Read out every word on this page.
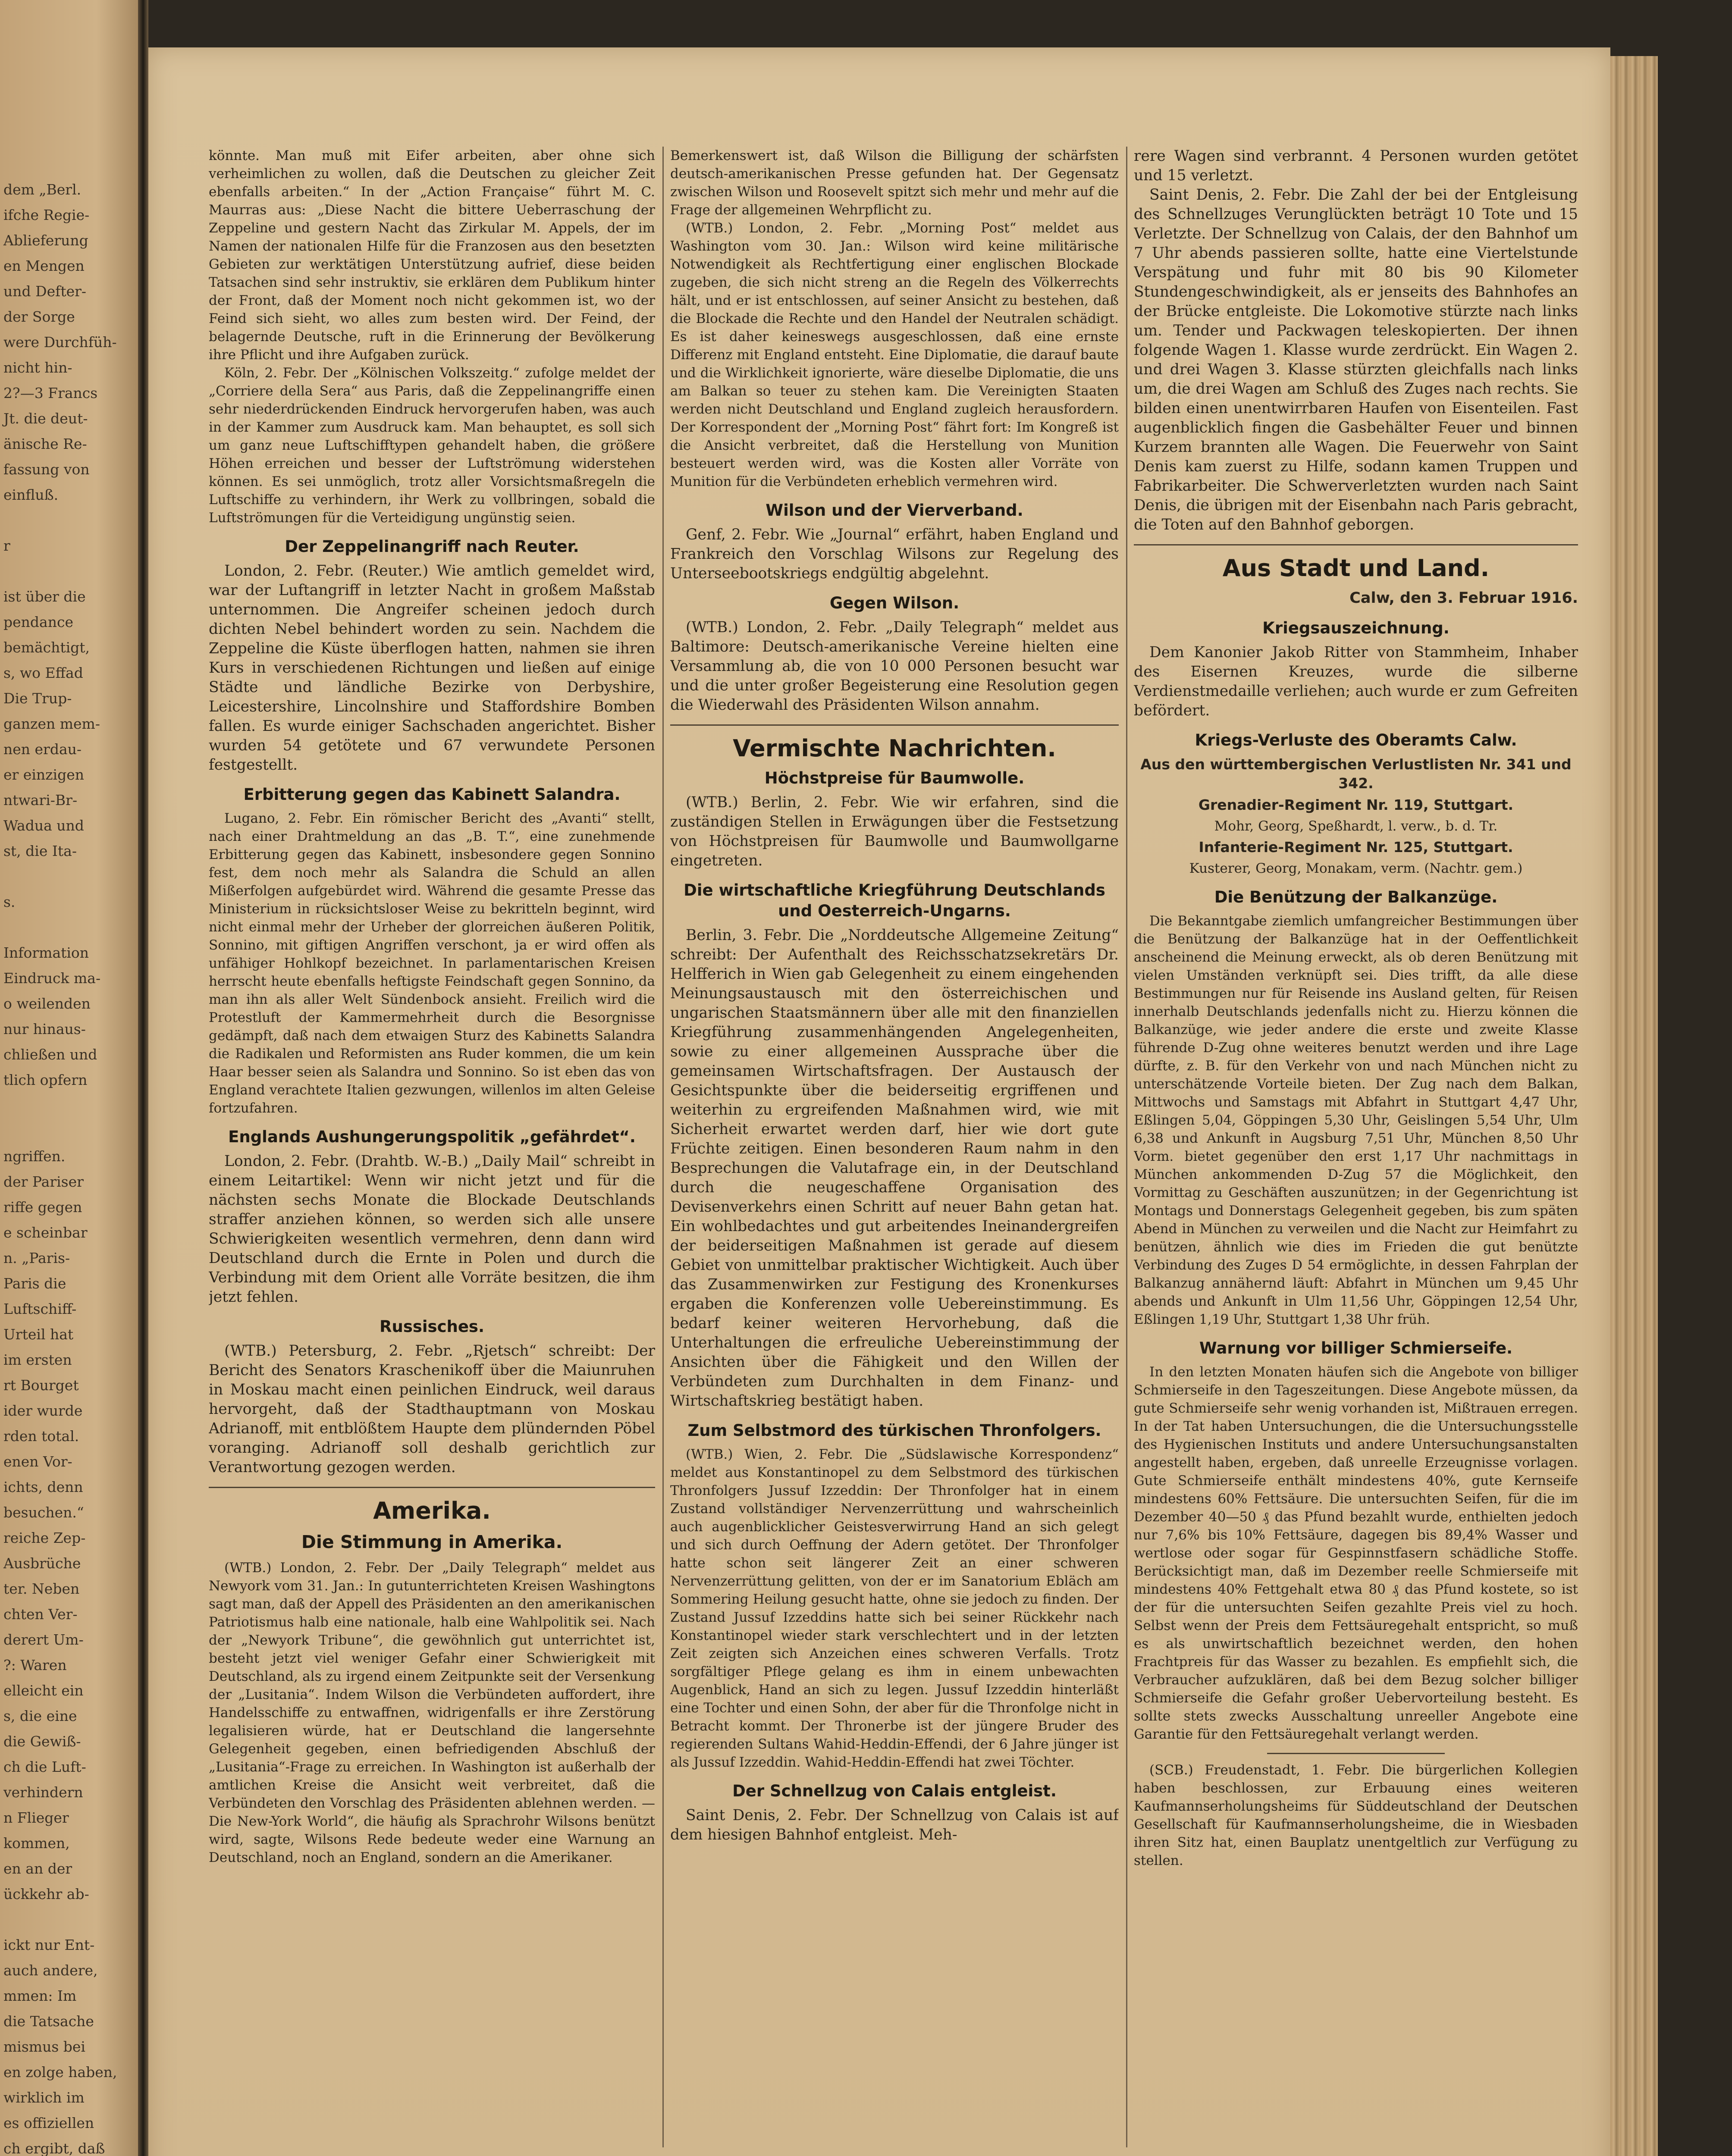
dem „Berl.

ifche Regie-

Ablieferung

en Mengen

und Defter-

der Sorge

were Durchfüh-

nicht hin-

2?—3 Francs

Jt. die deut-

änische Re-

fassung von

einfluß.

r

ist über die

pendance

bemächtigt,

s, wo Effad

Die Trup-

ganzen mem-

nen erdau-

er einzigen

ntwari-Br-

Wadua und

st, die Ita-

s.

Information

Eindruck ma-

o weilenden

nur hinaus-

chließen und

tlich opfern

ngriffen.

der Pariser

riffe gegen

e scheinbar

n. „Paris-

Paris die

Luftschiff-

Urteil hat

im ersten

rt Bourget

ider wurde

rden total.

enen Vor-

ichts, denn

besuchen.“

reiche Zep-

Ausbrüche

ter. Neben

chten Ver-

derert Um-

?: Waren

elleicht ein

s, die eine

die Gewiß-

ch die Luft-

verhindern

n Flieger

kommen,

en an der

ückkehr ab-

ickt nur Ent-

auch andere,

mmen: Im

die Tatsache

mismus bei

en zolge haben,

wirklich im

es offiziellen

ch ergibt, daß

könnte. Man muß mit Eifer arbeiten, aber ohne sich verheimlichen zu wollen, daß die Deutschen zu gleicher Zeit ebenfalls arbeiten.“ In der „Action Française“ führt M. C. Maurras aus: „Diese Nacht die bittere Ueberraschung der Zeppeline und gestern Nacht das Zirkular M. Appels, der im Namen der nationalen Hilfe für die Franzosen aus den besetzten Gebieten zur werktätigen Unterstützung aufrief, diese beiden Tatsachen sind sehr instruktiv, sie erklären dem Publikum hinter der Front, daß der Moment noch nicht gekommen ist, wo der Feind sich sieht, wo alles zum besten wird. Der Feind, der belagernde Deutsche, ruft in die Erinnerung der Bevölkerung ihre Pflicht und ihre Aufgaben zurück.

Köln, 2. Febr. Der „Kölnischen Volkszeitg.“ zufolge meldet der „Corriere della Sera“ aus Paris, daß die Zeppelinangriffe einen sehr niederdrückenden Eindruck hervorgerufen haben, was auch in der Kammer zum Ausdruck kam. Man behauptet, es soll sich um ganz neue Luftschifftypen gehandelt haben, die größere Höhen erreichen und besser der Luftströmung widerstehen können. Es sei unmöglich, trotz aller Vorsichtsmaßregeln die Luftschiffe zu verhindern, ihr Werk zu vollbringen, sobald die Luftströmungen für die Verteidigung ungünstig seien.

Der Zeppelinangriff nach Reuter.

London, 2. Febr. (Reuter.) Wie amtlich gemeldet wird, war der Luftangriff in letzter Nacht in großem Maßstab unternommen. Die Angreifer scheinen jedoch durch dichten Nebel behindert worden zu sein. Nachdem die Zeppeline die Küste überflogen hatten, nahmen sie ihren Kurs in verschiedenen Richtungen und ließen auf einige Städte und ländliche Bezirke von Derbyshire, Leicestershire, Lincolnshire und Staffordshire Bomben fallen. Es wurde einiger Sachschaden angerichtet. Bisher wurden 54 getötete und 67 verwundete Personen festgestellt.

Erbitterung gegen das Kabinett Salandra.

Lugano, 2. Febr. Ein römischer Bericht des „Avanti“ stellt, nach einer Drahtmeldung an das „B. T.“, eine zunehmende Erbitterung gegen das Kabinett, insbesondere gegen Sonnino fest, dem noch mehr als Salandra die Schuld an allen Mißerfolgen aufgebürdet wird. Während die gesamte Presse das Ministerium in rücksichtsloser Weise zu bekritteln beginnt, wird nicht einmal mehr der Urheber der glorreichen äußeren Politik, Sonnino, mit giftigen Angriffen verschont, ja er wird offen als unfähiger Hohlkopf bezeichnet. In parlamentarischen Kreisen herrscht heute ebenfalls heftigste Feindschaft gegen Sonnino, da man ihn als aller Welt Sündenbock ansieht. Freilich wird die Protestluft der Kammermehrheit durch die Besorgnisse gedämpft, daß nach dem etwaigen Sturz des Kabinetts Salandra die Radikalen und Reformisten ans Ruder kommen, die um kein Haar besser seien als Salandra und Sonnino. So ist eben das von England verachtete Italien gezwungen, willenlos im alten Geleise fortzufahren.

Englands Aushungerungspolitik „gefährdet“.

London, 2. Febr. (Drahtb. W.-B.) „Daily Mail“ schreibt in einem Leitartikel: Wenn wir nicht jetzt und für die nächsten sechs Monate die Blockade Deutschlands straffer anziehen können, so werden sich alle unsere Schwierigkeiten wesentlich vermehren, denn dann wird Deutschland durch die Ernte in Polen und durch die Verbindung mit dem Orient alle Vorräte besitzen, die ihm jetzt fehlen.

Russisches.

(WTB.) Petersburg, 2. Febr. „Rjetsch“ schreibt: Der Bericht des Senators Kraschenikoff über die Maiunruhen in Moskau macht einen peinlichen Eindruck, weil daraus hervorgeht, daß der Stadthauptmann von Moskau Adrianoff, mit entblößtem Haupte dem plündernden Pöbel voranging. Adrianoff soll deshalb gerichtlich zur Verantwortung gezogen werden.

Amerika.
Die Stimmung in Amerika.

(WTB.) London, 2. Febr. Der „Daily Telegraph“ meldet aus Newyork vom 31. Jan.: In gutunterrichteten Kreisen Washingtons sagt man, daß der Appell des Präsidenten an den amerikanischen Patriotismus halb eine nationale, halb eine Wahlpolitik sei. Nach der „Newyork Tribune“, die gewöhnlich gut unterrichtet ist, besteht jetzt viel weniger Gefahr einer Schwierigkeit mit Deutschland, als zu irgend einem Zeitpunkte seit der Versenkung der „Lusitania“. Indem Wilson die Verbündeten auffordert, ihre Handelsschiffe zu entwaffnen, widrigenfalls er ihre Zerstörung legalisieren würde, hat er Deutschland die langersehnte Gelegenheit gegeben, einen befriedigenden Abschluß der „Lusitania“-Frage zu erreichen. In Washington ist außerhalb der amtlichen Kreise die Ansicht weit verbreitet, daß die Verbündeten den Vorschlag des Präsidenten ablehnen werden. — Die New-York World“, die häufig als Sprachrohr Wilsons benützt wird, sagte, Wilsons Rede bedeute weder eine Warnung an Deutschland, noch an England, sondern an die Amerikaner.

Bemerkenswert ist, daß Wilson die Billigung der schärfsten deutsch-amerikanischen Presse gefunden hat. Der Gegensatz zwischen Wilson und Roosevelt spitzt sich mehr und mehr auf die Frage der allgemeinen Wehrpflicht zu.

(WTB.) London, 2. Febr. „Morning Post“ meldet aus Washington vom 30. Jan.: Wilson wird keine militärische Notwendigkeit als Rechtfertigung einer englischen Blockade zugeben, die sich nicht streng an die Regeln des Völkerrechts hält, und er ist entschlossen, auf seiner Ansicht zu bestehen, daß die Blockade die Rechte und den Handel der Neutralen schädigt. Es ist daher keineswegs ausgeschlossen, daß eine ernste Differenz mit England entsteht. Eine Diplomatie, die darauf baute und die Wirklichkeit ignorierte, wäre dieselbe Diplomatie, die uns am Balkan so teuer zu stehen kam. Die Vereinigten Staaten werden nicht Deutschland und England zugleich herausfordern. Der Korrespondent der „Morning Post“ fährt fort: Im Kongreß ist die Ansicht verbreitet, daß die Herstellung von Munition besteuert werden wird, was die Kosten aller Vorräte von Munition für die Verbündeten erheblich vermehren wird.

Wilson und der Vierverband.

Genf, 2. Febr. Wie „Journal“ erfährt, haben England und Frankreich den Vorschlag Wilsons zur Regelung des Unterseebootskriegs endgültig abgelehnt.

Gegen Wilson.

(WTB.) London, 2. Febr. „Daily Telegraph“ meldet aus Baltimore: Deutsch-amerikanische Vereine hielten eine Versammlung ab, die von 10 000 Personen besucht war und die unter großer Begeisterung eine Resolution gegen die Wiederwahl des Präsidenten Wilson annahm.

Vermischte Nachrichten.
Höchstpreise für Baumwolle.

(WTB.) Berlin, 2. Febr. Wie wir erfahren, sind die zuständigen Stellen in Erwägungen über die Festsetzung von Höchstpreisen für Baumwolle und Baumwollgarne eingetreten.

Die wirtschaftliche Kriegführung Deutschlands und Oesterreich-Ungarns.

Berlin, 3. Febr. Die „Norddeutsche Allgemeine Zeitung“ schreibt: Der Aufenthalt des Reichsschatzsekretärs Dr. Helfferich in Wien gab Gelegenheit zu einem eingehenden Meinungsaustausch mit den österreichischen und ungarischen Staatsmännern über alle mit den finanziellen Kriegführung zusammenhängenden Angelegenheiten, sowie zu einer allgemeinen Aussprache über die gemeinsamen Wirtschaftsfragen. Der Austausch der Gesichtspunkte über die beiderseitig ergriffenen und weiterhin zu ergreifenden Maßnahmen wird, wie mit Sicherheit erwartet werden darf, hier wie dort gute Früchte zeitigen. Einen besonderen Raum nahm in den Besprechungen die Valutafrage ein, in der Deutschland durch die neugeschaffene Organisation des Devisenverkehrs einen Schritt auf neuer Bahn getan hat. Ein wohlbedachtes und gut arbeitendes Ineinandergreifen der beiderseitigen Maßnahmen ist gerade auf diesem Gebiet von unmittelbar praktischer Wichtigkeit. Auch über das Zusammenwirken zur Festigung des Kronenkurses ergaben die Konferenzen volle Uebereinstimmung. Es bedarf keiner weiteren Hervorhebung, daß die Unterhaltungen die erfreuliche Uebereinstimmung der Ansichten über die Fähigkeit und den Willen der Verbündeten zum Durchhalten in dem Finanz- und Wirtschaftskrieg bestätigt haben.

Zum Selbstmord des türkischen Thronfolgers.

(WTB.) Wien, 2. Febr. Die „Südslawische Korrespondenz“ meldet aus Konstantinopel zu dem Selbstmord des türkischen Thronfolgers Jussuf Izzeddin: Der Thronfolger hat in einem Zustand vollständiger Nervenzerrüttung und wahrscheinlich auch augenblicklicher Geistesverwirrung Hand an sich gelegt und sich durch Oeffnung der Adern getötet. Der Thronfolger hatte schon seit längerer Zeit an einer schweren Nervenzerrüttung gelitten, von der er im Sanatorium Ebläch am Sommering Heilung gesucht hatte, ohne sie jedoch zu finden. Der Zustand Jussuf Izzeddins hatte sich bei seiner Rückkehr nach Konstantinopel wieder stark verschlechtert und in der letzten Zeit zeigten sich Anzeichen eines schweren Verfalls. Trotz sorgfältiger Pflege gelang es ihm in einem unbewachten Augenblick, Hand an sich zu legen. Jussuf Izzeddin hinterläßt eine Tochter und einen Sohn, der aber für die Thronfolge nicht in Betracht kommt. Der Thronerbe ist der jüngere Bruder des regierenden Sultans Wahid-Heddin-Effendi, der 6 Jahre jünger ist als Jussuf Izzeddin. Wahid-Heddin-Effendi hat zwei Töchter.

Der Schnellzug von Calais entgleist.

Saint Denis, 2. Febr. Der Schnellzug von Calais ist auf dem hiesigen Bahnhof entgleist. Meh-

rere Wagen sind verbrannt. 4 Personen wurden getötet und 15 verletzt.

Saint Denis, 2. Febr. Die Zahl der bei der Entgleisung des Schnellzuges Verunglückten beträgt 10 Tote und 15 Verletzte. Der Schnellzug von Calais, der den Bahnhof um 7 Uhr abends passieren sollte, hatte eine Viertelstunde Verspätung und fuhr mit 80 bis 90 Kilometer Stundengeschwindigkeit, als er jenseits des Bahnhofes an der Brücke entgleiste. Die Lokomotive stürzte nach links um. Tender und Packwagen teleskopierten. Der ihnen folgende Wagen 1. Klasse wurde zerdrückt. Ein Wagen 2. und drei Wagen 3. Klasse stürzten gleichfalls nach links um, die drei Wagen am Schluß des Zuges nach rechts. Sie bilden einen unentwirrbaren Haufen von Eisenteilen. Fast augenblicklich fingen die Gasbehälter Feuer und binnen Kurzem brannten alle Wagen. Die Feuerwehr von Saint Denis kam zuerst zu Hilfe, sodann kamen Truppen und Fabrikarbeiter. Die Schwerverletzten wurden nach Saint Denis, die übrigen mit der Eisenbahn nach Paris gebracht, die Toten auf den Bahnhof geborgen.

Aus Stadt und Land.
Calw, den 3. Februar 1916.
Kriegsauszeichnung.

Dem Kanonier Jakob Ritter von Stammheim, Inhaber des Eisernen Kreuzes, wurde die silberne Verdienstmedaille verliehen; auch wurde er zum Gefreiten befördert.

Kriegs-Verluste des Oberamts Calw.
Aus den württembergischen Verlustlisten Nr. 341 und 342.
Grenadier-Regiment Nr. 119, Stuttgart.

Mohr, Georg, Speßhardt, l. verw., b. d. Tr.

Infanterie-Regiment Nr. 125, Stuttgart.

Kusterer, Georg, Monakam, verm. (Nachtr. gem.)

Die Benützung der Balkanzüge.

Die Bekanntgabe ziemlich umfangreicher Bestimmungen über die Benützung der Balkanzüge hat in der Oeffentlichkeit anscheinend die Meinung erweckt, als ob deren Benützung mit vielen Umständen verknüpft sei. Dies trifft, da alle diese Bestimmungen nur für Reisende ins Ausland gelten, für Reisen innerhalb Deutschlands jedenfalls nicht zu. Hierzu können die Balkanzüge, wie jeder andere die erste und zweite Klasse führende D-Zug ohne weiteres benutzt werden und ihre Lage dürfte, z. B. für den Verkehr von und nach München nicht zu unterschätzende Vorteile bieten. Der Zug nach dem Balkan, Mittwochs und Samstags mit Abfahrt in Stuttgart 4,47 Uhr, Eßlingen 5,04, Göppingen 5,30 Uhr, Geislingen 5,54 Uhr, Ulm 6,38 und Ankunft in Augsburg 7,51 Uhr, München 8,50 Uhr Vorm. bietet gegenüber den erst 1,17 Uhr nachmittags in München ankommenden D-Zug 57 die Möglichkeit, den Vormittag zu Geschäften auszunützen; in der Gegenrichtung ist Montags und Donnerstags Gelegenheit gegeben, bis zum späten Abend in München zu verweilen und die Nacht zur Heimfahrt zu benützen, ähnlich wie dies im Frieden die gut benützte Verbindung des Zuges D 54 ermöglichte, in dessen Fahrplan der Balkanzug annähernd läuft: Abfahrt in München um 9,45 Uhr abends und Ankunft in Ulm 11,56 Uhr, Göppingen 12,54 Uhr, Eßlingen 1,19 Uhr, Stuttgart 1,38 Uhr früh.

Warnung vor billiger Schmierseife.

In den letzten Monaten häufen sich die Angebote von billiger Schmierseife in den Tageszeitungen. Diese Angebote müssen, da gute Schmierseife sehr wenig vorhanden ist, Mißtrauen erregen. In der Tat haben Untersuchungen, die die Untersuchungsstelle des Hygienischen Instituts und andere Untersuchungsanstalten angestellt haben, ergeben, daß unreelle Erzeugnisse vorlagen. Gute Schmierseife enthält mindestens 40%, gute Kernseife mindestens 60% Fettsäure. Die untersuchten Seifen, für die im Dezember 40—50 ₰ das Pfund bezahlt wurde, enthielten jedoch nur 7,6% bis 10% Fettsäure, dagegen bis 89,4% Wasser und wertlose oder sogar für Gespinnstfasern schädliche Stoffe. Berücksichtigt man, daß im Dezember reelle Schmierseife mit mindestens 40% Fettgehalt etwa 80 ₰ das Pfund kostete, so ist der für die untersuchten Seifen gezahlte Preis viel zu hoch. Selbst wenn der Preis dem Fettsäuregehalt entspricht, so muß es als unwirtschaftlich bezeichnet werden, den hohen Frachtpreis für das Wasser zu bezahlen. Es empfiehlt sich, die Verbraucher aufzuklären, daß bei dem Bezug solcher billiger Schmierseife die Gefahr großer Uebervorteilung besteht. Es sollte stets zwecks Ausschaltung unreeller Angebote eine Garantie für den Fettsäuregehalt verlangt werden.

(SCB.) Freudenstadt, 1. Febr. Die bürgerlichen Kollegien haben beschlossen, zur Erbauung eines weiteren Kaufmannserholungsheims für Süddeutschland der Deutschen Gesellschaft für Kaufmannserholungsheime, die in Wiesbaden ihren Sitz hat, einen Bauplatz unentgeltlich zur Verfügung zu stellen.
